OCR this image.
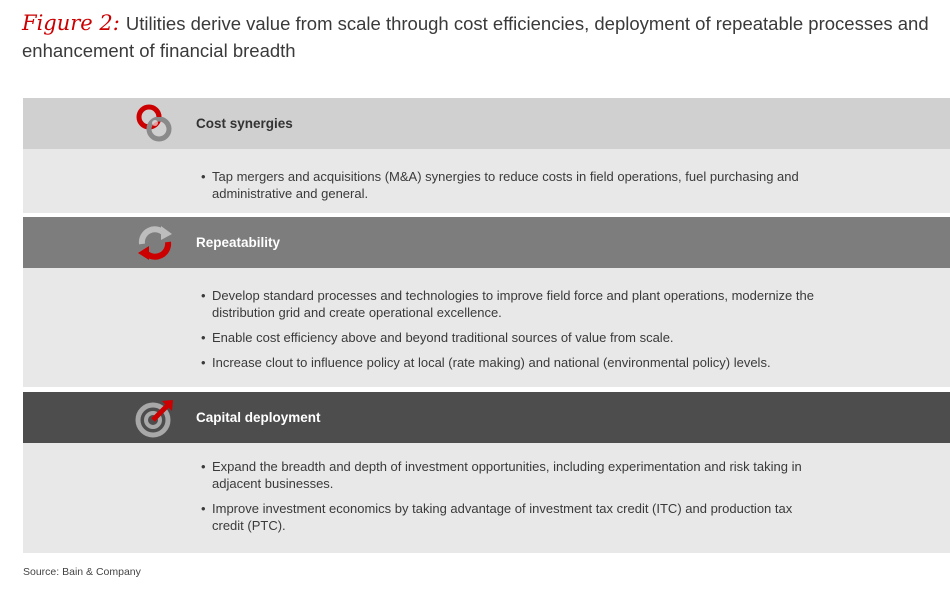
Figure 2: Utilities derive value from scale through cost efficiencies, deployment of repeatable processes and enhancement of financial breadth
Cost synergies
• Tap mergers and acquisitions (M&A) synergies to reduce costs in field operations, fuel purchasing and administrative and general.
Repeatability
• Develop standard processes and technologies to improve field force and plant operations, modernize the distribution grid and create operational excellence.
• Enable cost efficiency above and beyond traditional sources of value from scale.
• Increase clout to influence policy at local (rate making) and national (environmental policy) levels.
Capital deployment
• Expand the breadth and depth of investment opportunities, including experimentation and risk taking in adjacent businesses.
• Improve investment economics by taking advantage of investment tax credit (ITC) and production tax credit (PTC).
Source: Bain & Company
